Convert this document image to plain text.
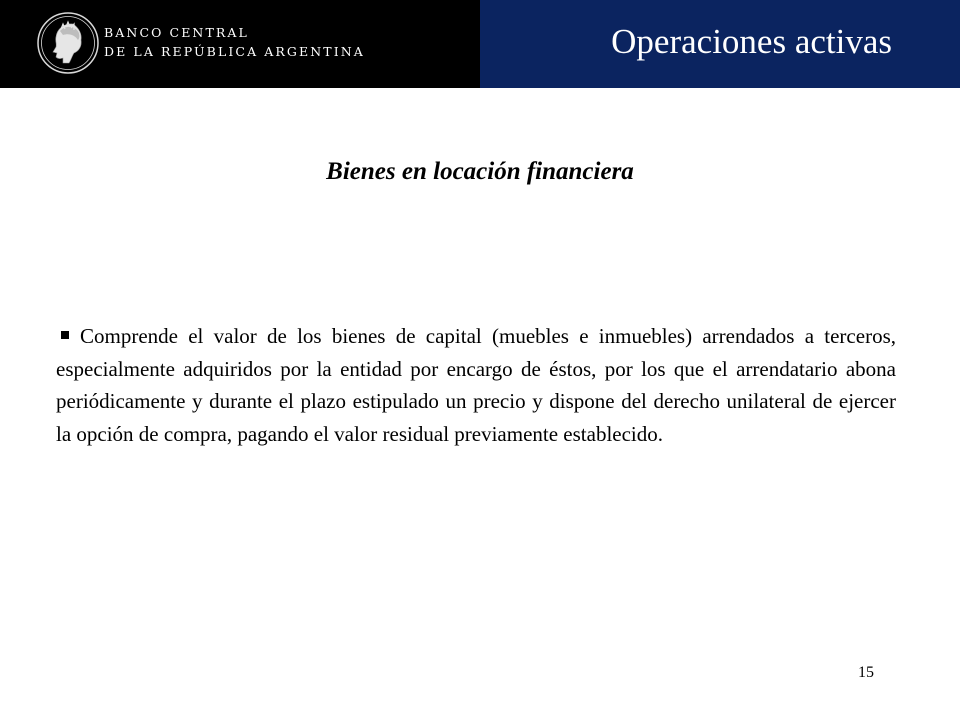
BANCO CENTRAL
DE LA REPÚBLICA ARGENTINA	Operaciones activas
Bienes en locación financiera

Comprende el valor de los bienes de capital (muebles e inmuebles) arrendados a terceros, especialmente adquiridos por la entidad por encargo de éstos, por los que el arrendatario abona periódicamente y durante el plazo estipulado un precio y dispone del derecho unilateral de ejercer la opción de compra, pagando el valor residual previamente establecido.

15
